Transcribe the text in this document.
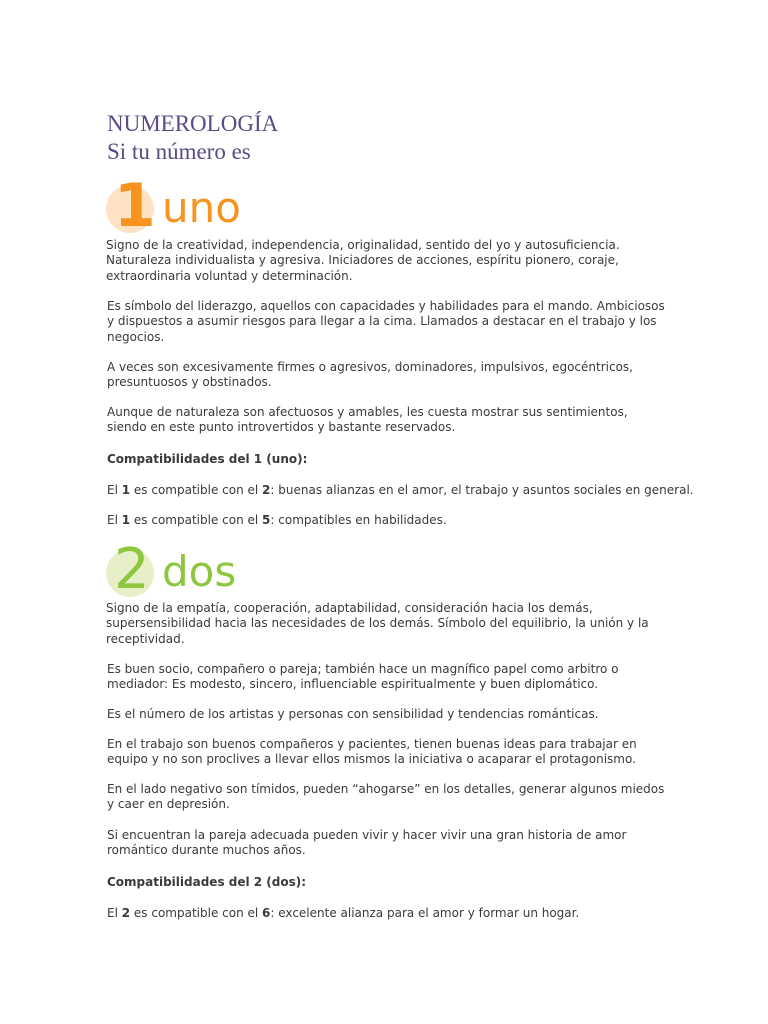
NUMEROLOGÍA
Si tu número es
1 uno
Signo de la creatividad, independencia, originalidad, sentido del yo y autosuficiencia. Naturaleza individualista y agresiva. Iniciadores de acciones, espíritu pionero, coraje, extraordinaria voluntad y determinación.
Es símbolo del liderazgo, aquellos con capacidades y habilidades para el mando. Ambiciosos y dispuestos a asumir riesgos para llegar a la cima. Llamados a destacar en el trabajo y los negocios.
A veces son excesivamente firmes o agresivos, dominadores, impulsivos, egocéntricos, presuntuosos y obstinados.
Aunque de naturaleza son afectuosos y amables, les cuesta mostrar sus sentimientos, siendo en este punto introvertidos y bastante reservados.
Compatibilidades del 1 (uno):
El 1 es compatible con el 2: buenas alianzas en el amor, el trabajo y asuntos sociales en general.
El 1 es compatible con el 5: compatibles en habilidades.
2 dos
Signo de la empatía, cooperación, adaptabilidad, consideración hacia los demás, supersensibilidad hacia las necesidades de los demás. Símbolo del equilibrio, la unión y la receptividad.
Es buen socio, compañero o pareja; también hace un magnífico papel como arbitro o mediador: Es modesto, sincero, influenciable espiritualmente y buen diplomático.
Es el número de los artistas y personas con sensibilidad y tendencias románticas.
En el trabajo son buenos compañeros y pacientes, tienen buenas ideas para trabajar en equipo y no son proclives a llevar ellos mismos la iniciativa o acaparar el protagonismo.
En el lado negativo son tímidos, pueden “ahogarse” en los detalles, generar algunos miedos y caer en depresión.
Si encuentran la pareja adecuada pueden vivir y hacer vivir una gran historia de amor romántico durante muchos años.
Compatibilidades del 2 (dos):
El 2 es compatible con el 6: excelente alianza para el amor y formar un hogar.
